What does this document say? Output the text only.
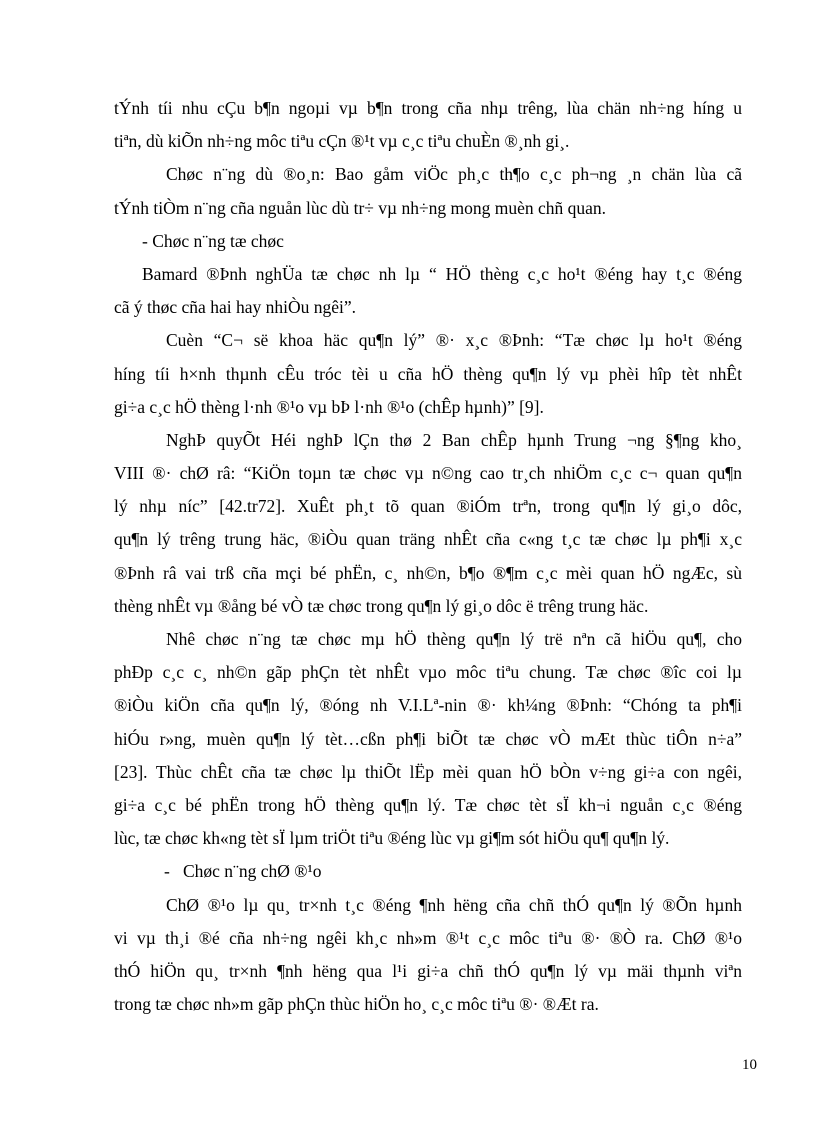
tÝnh tíi nhu cÇu b¶n ngoµi vµ b¶n trong cña nhµ trêng, lùa chän nh÷ng híng u
tiªn, dù kiÕn nh÷ng môc tiªu cÇn ®¹t vµ c¸c tiªu chuÈn ®¸nh gi¸.
Chøc n¨ng dù ®o¸n: Bao gåm viÖc ph¸c th¶o c¸c ph¬ng ¸n chän lùa cã
tÝnh tiÒm n¨ng cña nguån lùc dù tr÷ vµ nh÷ng mong muèn chñ quan.
- Chøc n¨ng tæ chøc
Bamard ®Þnh nghÜa tæ chøc nh lµ “ HÖ thèng c¸c ho¹t ®éng hay t¸c ®éng
cã ý thøc cña hai hay nhiÒu ngêi”.
Cuèn “C¬ së khoa häc qu¶n lý” ®· x¸c ®Þnh: “Tæ chøc lµ ho¹t ®éng
híng tíi h×nh thµnh cÊu tróc tèi u cña hÖ thèng qu¶n lý vµ phèi hîp tèt nhÊt
gi÷a c¸c hÖ thèng l·nh ®¹o vµ bÞ l·nh ®¹o (chÊp hµnh)” [9].
NghÞ quyÕt Héi nghÞ lÇn thø 2 Ban chÊp hµnh Trung ¬ng §¶ng kho¸
VIII ®· chØ râ: “KiÖn toµn tæ chøc vµ n©ng cao tr¸ch nhiÖm c¸c c¬ quan qu¶n
lý nhµ níc” [42.tr72]. XuÊt ph¸t tõ quan ®iÓm trªn, trong qu¶n lý gi¸o dôc,
qu¶n lý trêng trung häc, ®iÒu quan träng nhÊt cña c«ng t¸c tæ chøc lµ ph¶i x¸c
®Þnh râ vai trß cña mçi bé phËn, c¸ nh©n, b¶o ®¶m c¸c mèi quan hÖ ngÆc, sù
thèng nhÊt vµ ®ång bé vÒ tæ chøc trong qu¶n lý gi¸o dôc ë trêng trung häc.
Nhê chøc n¨ng tæ chøc mµ hÖ thèng qu¶n lý trë nªn cã hiÖu qu¶, cho
phÐp c¸c c¸ nh©n gãp phÇn tèt nhÊt vµo môc tiªu chung. Tæ chøc ®îc coi lµ
®iÒu kiÖn cña qu¶n lý, ®óng nh V.I.Lª-nin ®· kh¼ng ®Þnh: “Chóng ta ph¶i
hiÓu r»ng, muèn qu¶n lý tèt…cßn ph¶i biÕt tæ chøc vÒ mÆt thùc tiÔn n÷a”
[23]. Thùc chÊt cña tæ chøc lµ thiÕt lËp mèi quan hÖ bÒn v÷ng gi÷a con ngêi,
gi÷a c¸c bé phËn trong hÖ thèng qu¶n lý. Tæ chøc tèt sÏ kh¬i nguån c¸c ®éng
lùc, tæ chøc kh«ng tèt sÏ lµm triÖt tiªu ®éng lùc vµ gi¶m sót hiÖu qu¶ qu¶n lý.
-   Chøc n¨ng chØ ®¹o
ChØ ®¹o lµ qu¸ tr×nh t¸c ®éng ¶nh hëng cña chñ thÓ qu¶n lý ®Õn hµnh
vi vµ th¸i ®é cña nh÷ng ngêi kh¸c nh»m ®¹t c¸c môc tiªu ®· ®Ò ra. ChØ ®¹o
thÓ hiÖn qu¸ tr×nh ¶nh hëng qua l¹i gi÷a chñ thÓ qu¶n lý vµ mäi thµnh viªn
trong tæ chøc nh»m gãp phÇn thùc hiÖn ho¸ c¸c môc tiªu ®· ®Æt ra.
10
